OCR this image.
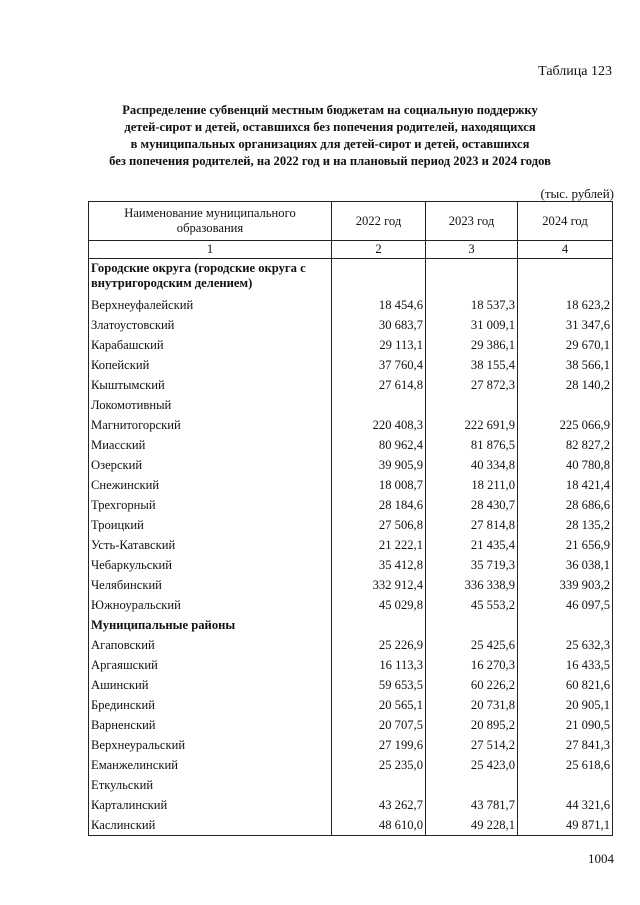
Таблица 123
Распределение субвенций местным бюджетам на социальную поддержку
детей-сирот и детей, оставшихся без попечения родителей, находящихся
в муниципальных организациях для детей-сирот и детей, оставшихся
без попечения родителей, на 2022 год и на плановый период 2023 и 2024 годов
(тыс. рублей)
Наименование муниципального образования	2022 год	2023 год	2024 год
1	2	3	4
Городские округа (городские округа с внутригородским делением)			
Верхнеуфалейский	18 454,6	18 537,3	18 623,2
Златоустовский	30 683,7	31 009,1	31 347,6
Карабашский	29 113,1	29 386,1	29 670,1
Копейский	37 760,4	38 155,4	38 566,1
Кыштымский	27 614,8	27 872,3	28 140,2
Локомотивный			
Магнитогорский	220 408,3	222 691,9	225 066,9
Миасский	80 962,4	81 876,5	82 827,2
Озерский	39 905,9	40 334,8	40 780,8
Снежинский	18 008,7	18 211,0	18 421,4
Трехгорный	28 184,6	28 430,7	28 686,6
Троицкий	27 506,8	27 814,8	28 135,2
Усть-Катавский	21 222,1	21 435,4	21 656,9
Чебаркульский	35 412,8	35 719,3	36 038,1
Челябинский	332 912,4	336 338,9	339 903,2
Южноуральский	45 029,8	45 553,2	46 097,5
Муниципальные районы			
Агаповский	25 226,9	25 425,6	25 632,3
Аргаяшский	16 113,3	16 270,3	16 433,5
Ашинский	59 653,5	60 226,2	60 821,6
Брединский	20 565,1	20 731,8	20 905,1
Варненский	20 707,5	20 895,2	21 090,5
Верхнеуральский	27 199,6	27 514,2	27 841,3
Еманжелинский	25 235,0	25 423,0	25 618,6
Еткульский			
Карталинский	43 262,7	43 781,7	44 321,6
Каслинский	48 610,0	49 228,1	49 871,1
1004
